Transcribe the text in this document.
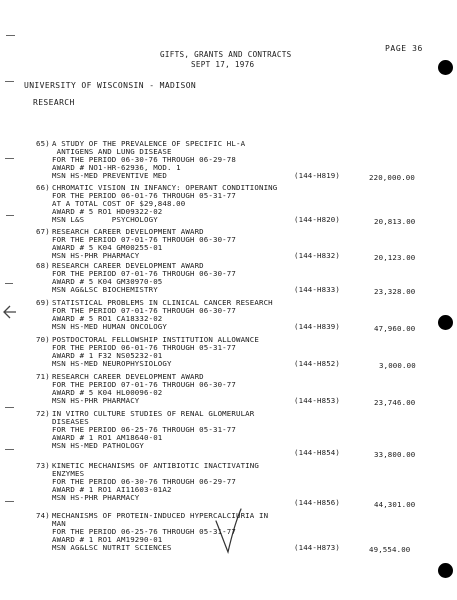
PAGE 36
GIFTS, GRANTS AND CONTRACTS
SEPT 17, 1976
UNIVERSITY OF WISCONSIN - MADISON
RESEARCH
65) A STUDY OF THE PREVALENCE OF SPECIFIC HL-A
ANTIGENS AND LUNG DISEASE
FOR THE PERIOD 06-30-76 THROUGH 06-29-78
AWARD # NO1-HR-62936, MOD. 1
MSN HS-MED PREVENTIVE MED	(144-H819)	220,000.00
66) CHROMATIC VISION IN INFANCY: OPERANT CONDITIONING
FOR THE PERIOD 06-01-76 THROUGH 05-31-77
AT A TOTAL COST OF $29,848.00
AWARD # 5 RO1 HD09322-02
MSN L&S      PSYCHOLOGY	(144-H820)	20,813.00
67) RESEARCH CAREER DEVELOPMENT AWARD
FOR THE PERIOD 07-01-76 THROUGH 06-30-77
AWARD # 5 K04 GM00255-01
MSN HS-PHR PHARMACY	(144-H832)	20,123.00
68) RESEARCH CAREER DEVELOPMENT AWARD
FOR THE PERIOD 07-01-76 THROUGH 06-30-77
AWARD # 5 K04 GM30970-05
MSN AG&LSC BIOCHEMISTRY	(144-H833)	23,328.00
69) STATISTICAL PROBLEMS IN CLINICAL CANCER RESEARCH
FOR THE PERIOD 07-01-76 THROUGH 06-30-77
AWARD # 5 RO1 CA18332-02
MSN HS-MED HUMAN ONCOLOGY	(144-H839)	47,960.00
70) POSTDOCTORAL FELLOWSHIP INSTITUTION ALLOWANCE
FOR THE PERIOD 06-01-76 THROUGH 05-31-77
AWARD # 1 F32 NS05232-01
MSN HS-MED NEUROPHYSIOLOGY	(144-H852)	3,000.00
71) RESEARCH CAREER DEVELOPMENT AWARD
FOR THE PERIOD 07-01-76 THROUGH 06-30-77
AWARD # 5 K04 HL00096-02
MSN HS-PHR PHARMACY	(144-H853)	23,746.00
72) IN VITRO CULTURE STUDIES OF RENAL GLOMERULAR
DISEASES
FOR THE PERIOD 06-25-76 THROUGH 05-31-77
AWARD # 1 RO1 AM18640-01
MSN HS-MED PATHOLOGY
(144-H854)	33,800.00
73) KINETIC MECHANISMS OF ANTIBIOTIC INACTIVATING
ENZYMES
FOR THE PERIOD 06-30-76 THROUGH 06-29-77
AWARD # 1 RO1 AI11603-01A2
MSN HS-PHR PHARMACY
(144-H856)	44,301.00
74) MECHANISMS OF PROTEIN-INDUCED HYPERCALCIURIA IN
MAN
FOR THE PERIOD 06-25-76 THROUGH 05-31-77
AWARD # 1 RO1 AM19290-01
MSN AG&LSC NUTRIT SCIENCES	(144-H873)	49,554.00
